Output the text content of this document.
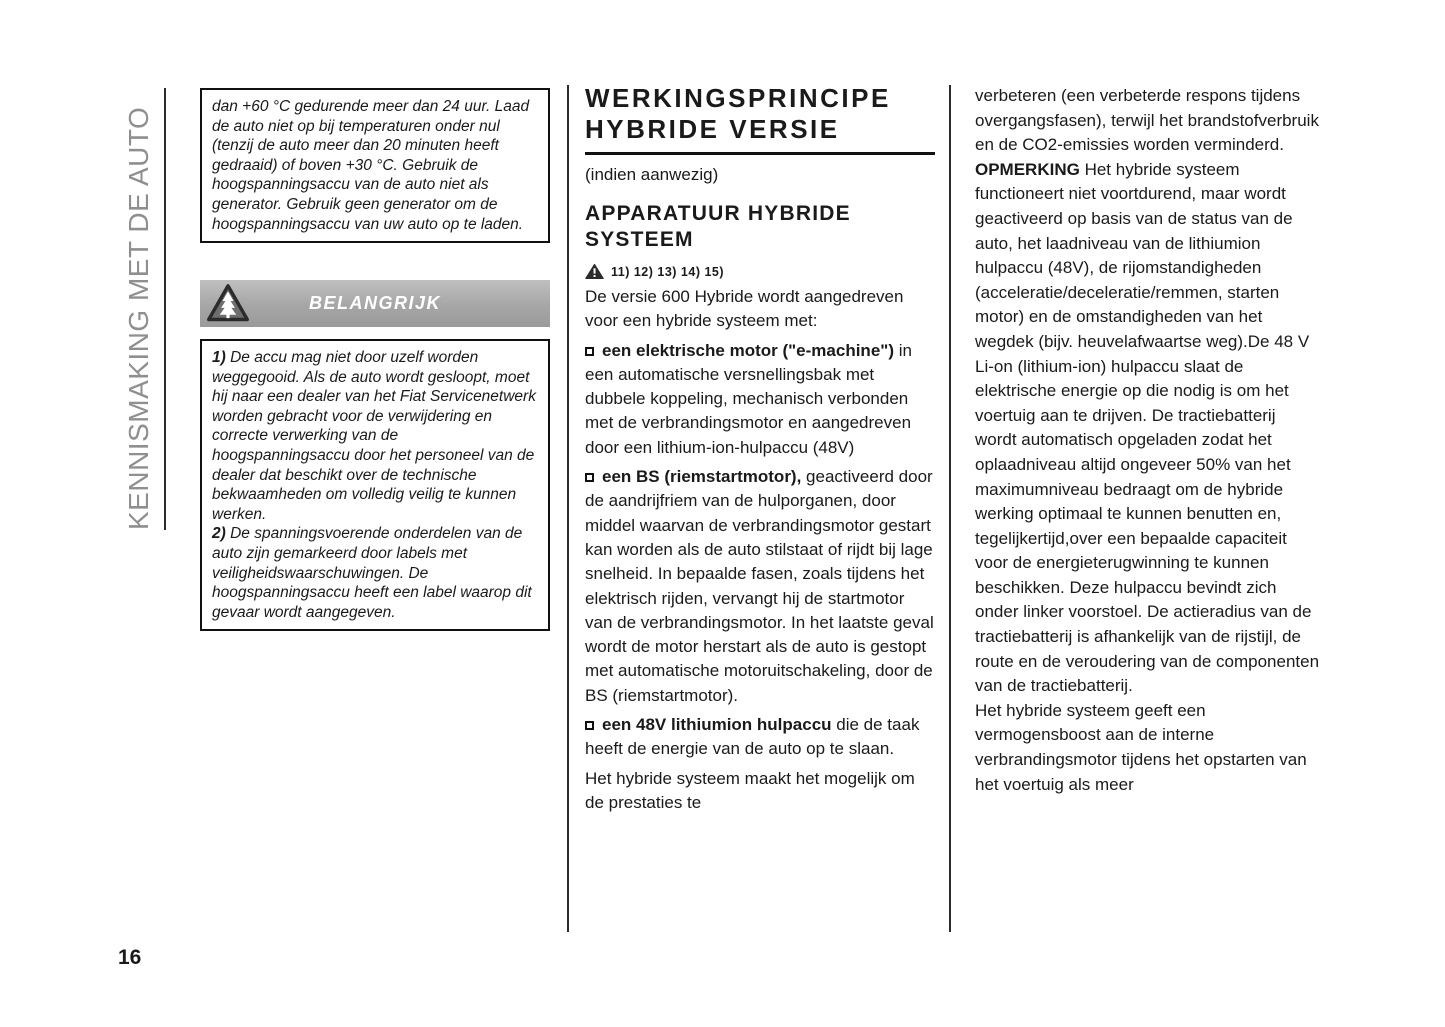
KENNISMAKING MET DE AUTO
dan +60 °C gedurende meer dan 24 uur. Laad de auto niet op bij temperaturen onder nul (tenzij de auto meer dan 20 minuten heeft gedraaid) of boven +30 °C. Gebruik de hoogspanningsaccu van de auto niet als generator. Gebruik geen generator om de hoogspanningsaccu van uw auto op te laden.
BELANGRIJK

1) De accu mag niet door uzelf worden weggegooid. Als de auto wordt gesloopt, moet hij naar een dealer van het Fiat Servicenetwerk worden gebracht voor de verwijdering en correcte verwerking van de hoogspanningsaccu door het personeel van de dealer dat beschikt over de technische bekwaamheden om volledig veilig te kunnen werken.

2) De spanningsvoerende onderdelen van de auto zijn gemarkeerd door labels met veiligheidswaarschuwingen. De hoogspanningsaccu heeft een label waarop dit gevaar wordt aangegeven.

16
WERKINGSPRINCIPE HYBRIDE VERSIE
(indien aanwezig)
APPARATUUR HYBRIDE SYSTEEM
11) 12) 13) 14) 15)

De versie 600 Hybride wordt aangedreven voor een hybride systeem met:

een elektrische motor ("e-machine") in een automatische versnellingsbak met dubbele koppeling, mechanisch verbonden met de verbrandingsmotor en aangedreven door een lithium-ion-hulpaccu (48V)

een BS (riemstartmotor), geactiveerd door de aandrijfriem van de hulporganen, door middel waarvan de verbrandingsmotor gestart kan worden als de auto stilstaat of rijdt bij lage snelheid. In bepaalde fasen, zoals tijdens het elektrisch rijden, vervangt hij de startmotor van de verbrandingsmotor. In het laatste geval wordt de motor herstart als de auto is gestopt met automatische motoruitschakeling, door de BS (riemstartmotor).

een 48V lithiumion hulpaccu die de taak heeft de energie van de auto op te slaan.

Het hybride systeem maakt het mogelijk om de prestaties te

verbeteren (een verbeterde respons tijdens overgangsfasen), terwijl het brandstofverbruik en de CO2-emissies worden verminderd.

OPMERKING Het hybride systeem functioneert niet voortdurend, maar wordt geactiveerd op basis van de status van de auto, het laadniveau van de lithiumion hulpaccu (48V), de rijomstandigheden (acceleratie/deceleratie/remmen, starten motor) en de omstandigheden van het wegdek (bijv. heuvelafwaartse weg).De 48 V Li-on (lithium-ion) hulpaccu slaat de elektrische energie op die nodig is om het voertuig aan te drijven. De tractiebatterij wordt automatisch opgeladen zodat het oplaadniveau altijd ongeveer 50% van het maximumniveau bedraagt om de hybride werking optimaal te kunnen benutten en, tegelijkertijd,over een bepaalde capaciteit voor de energieterugwinning te kunnen beschikken. Deze hulpaccu bevindt zich onder linker voorstoel. De actieradius van de tractiebatterij is afhankelijk van de rijstijl, de route en de veroudering van de componenten van de tractiebatterij.

Het hybride systeem geeft een vermogensboost aan de interne verbrandingsmotor tijdens het opstarten van het voertuig als meer
